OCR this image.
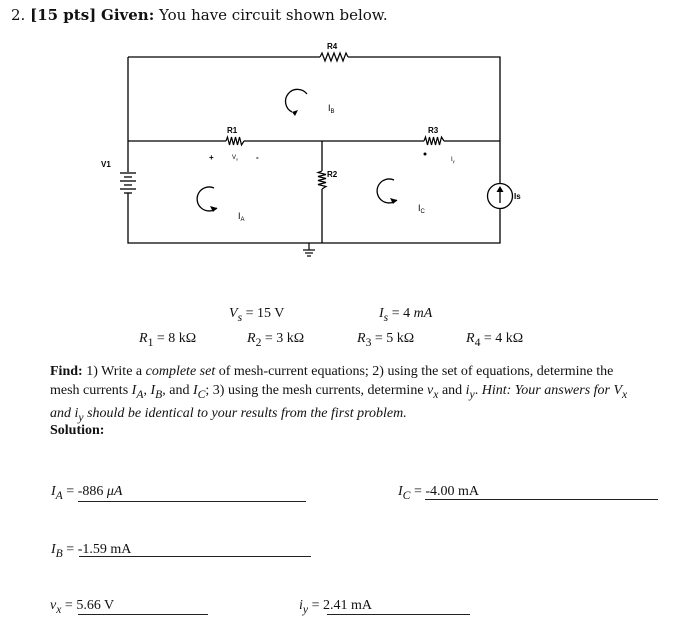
2. [15 pts] Given: You have circuit shown below.
R4
R1	R3
R2
V1
Is
$I_B$
$I_A$
$I_C$
$V_x$	$I_y$
+	-
$V_s = 15$ V	$I_s = 4$ mA
$R_1 = 8$ kΩ	$R_2 = 3$ kΩ	$R_3 = 5$ kΩ	$R_4 = 4$ kΩ
Find: 1) Write a complete set of mesh-current equations; 2) using the set of equations, determine the mesh currents $I_A$, $I_B$, and $I_C$; 3) using the mesh currents, determine $v_x$ and $i_y$. Hint: Your answers for $V_x$ and $i_y$ should be identical to your results from the first problem.
Solution:
$I_A = -886$ μA	$I_C = -4.00$ mA
$I_B = -1.59$ mA
$v_x = 5.66$ V	$i_y = 2.41$ mA
